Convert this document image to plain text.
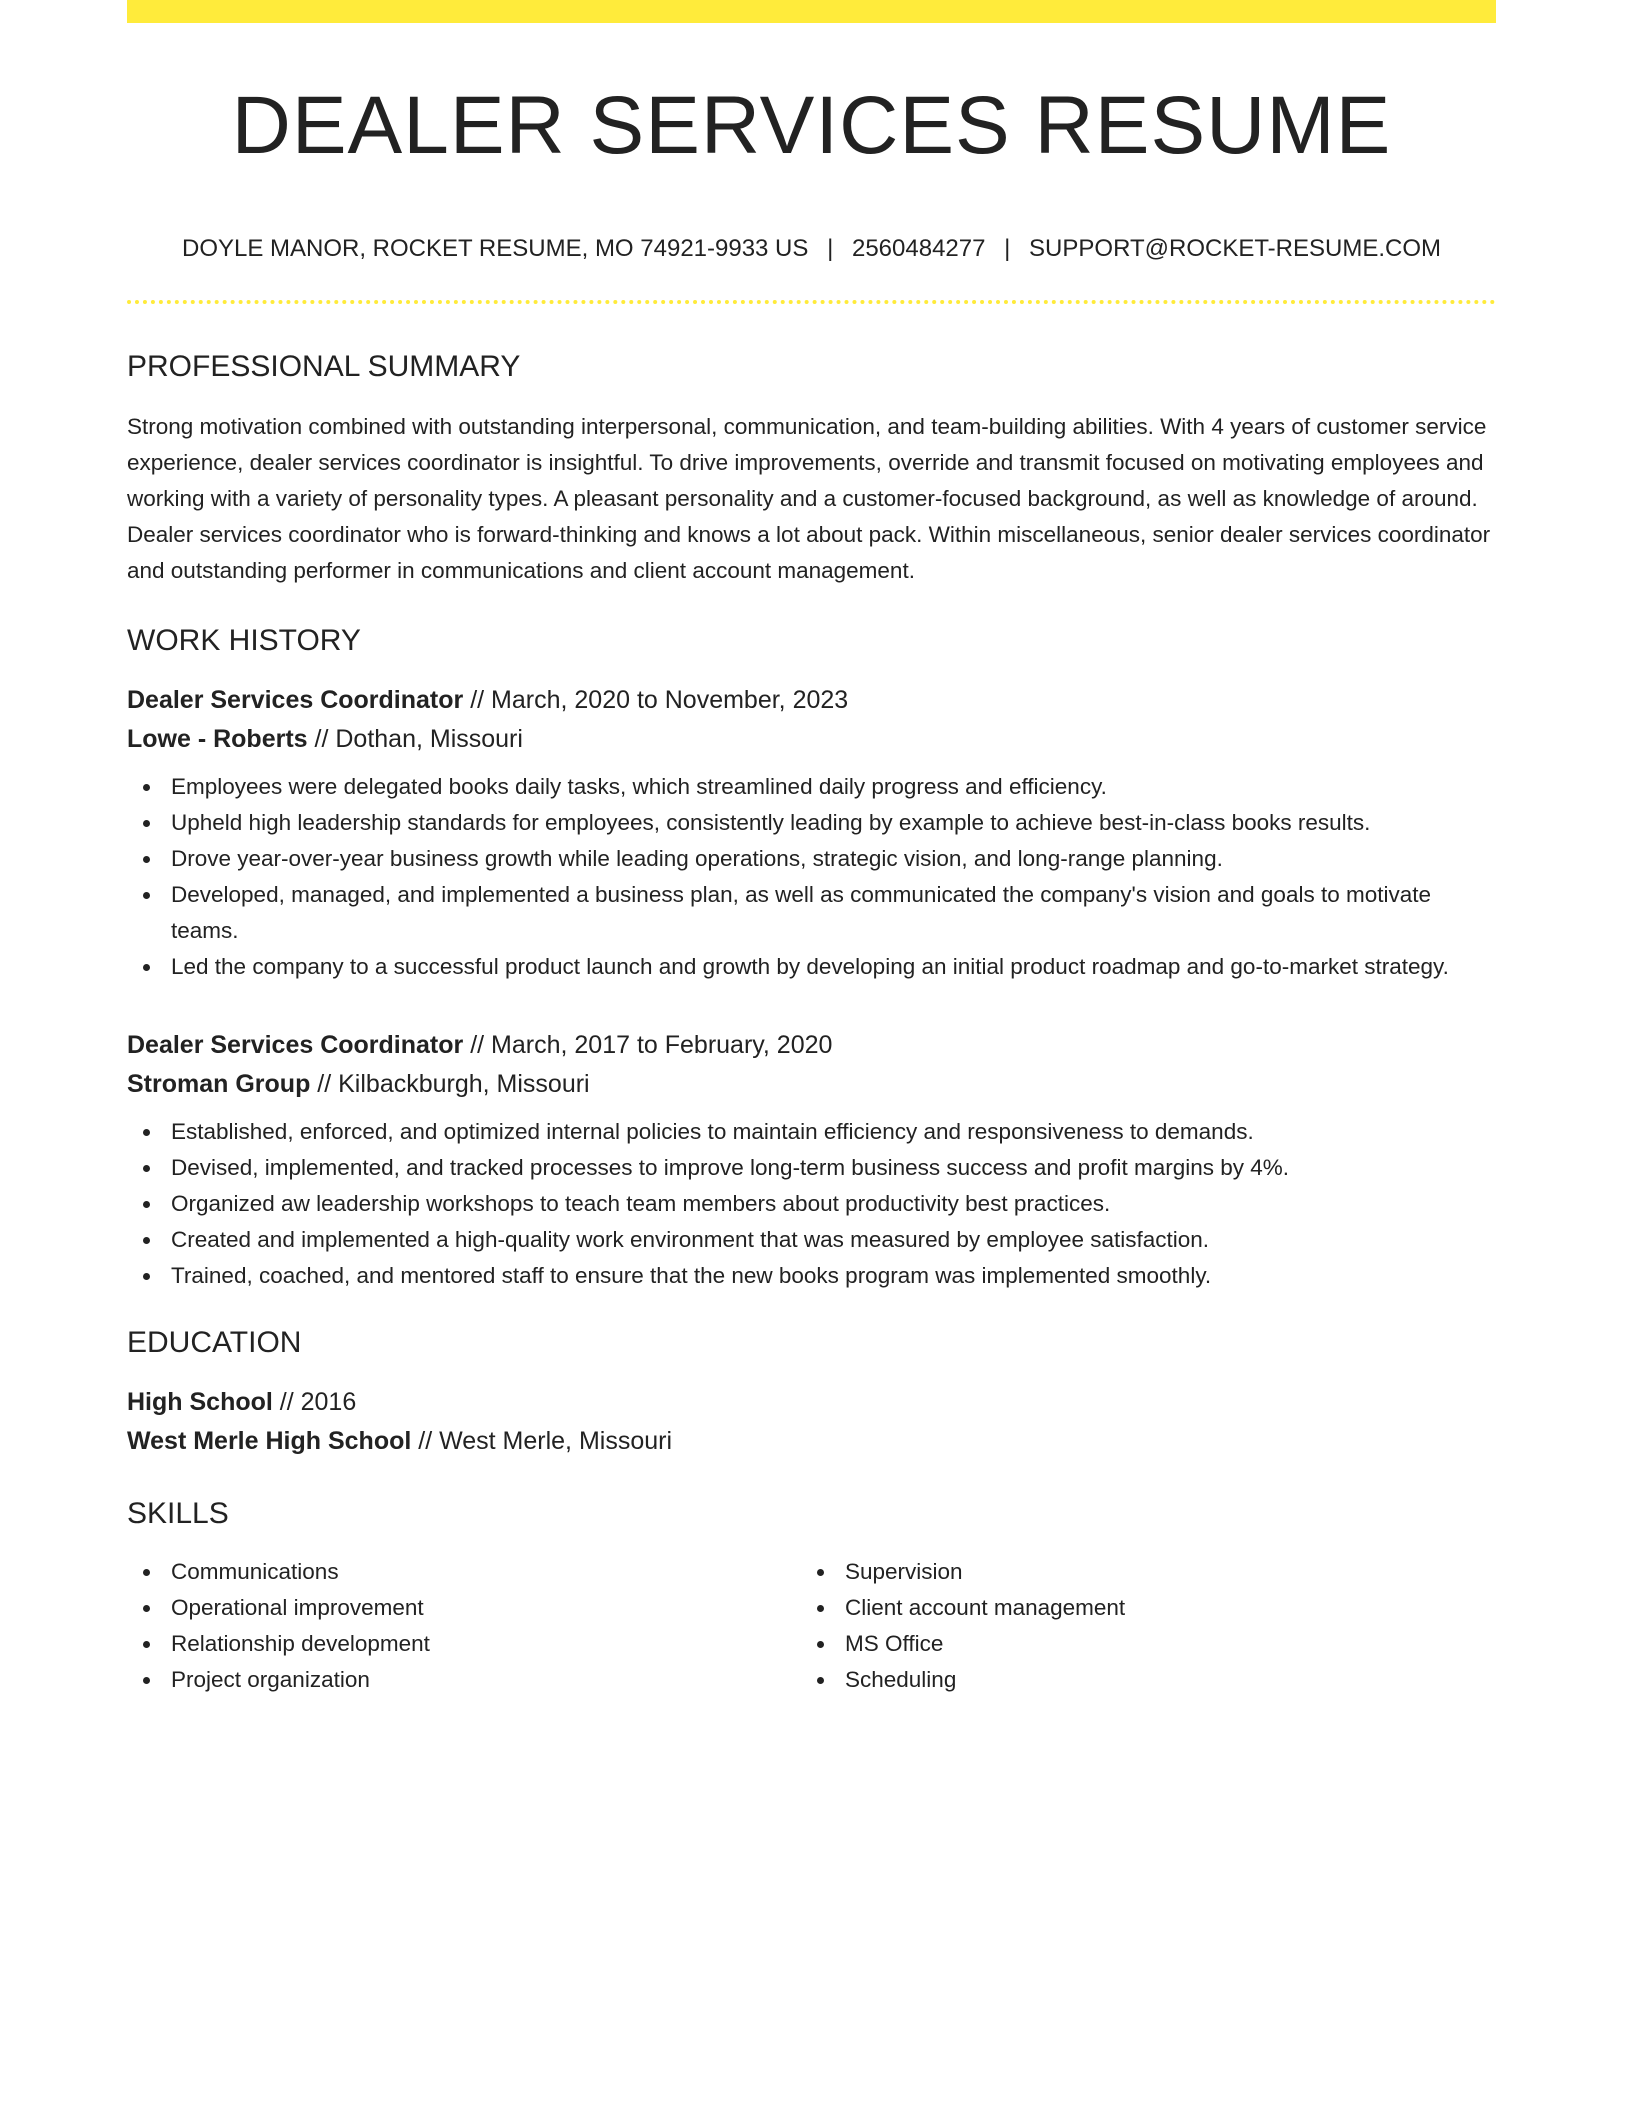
DEALER SERVICES RESUME
DOYLE MANOR, ROCKET RESUME, MO 74921-9933 US | 2560484277 | SUPPORT@ROCKET-RESUME.COM
PROFESSIONAL SUMMARY

Strong motivation combined with outstanding interpersonal, communication, and team-building abilities. With 4 years of customer service experience, dealer services coordinator is insightful. To drive improvements, override and transmit focused on motivating employees and working with a variety of personality types. A pleasant personality and a customer-focused background, as well as knowledge of around. Dealer services coordinator who is forward-thinking and knows a lot about pack. Within miscellaneous, senior dealer services coordinator and outstanding performer in communications and client account management.

WORK HISTORY
Dealer Services Coordinator // March, 2020 to November, 2023
Lowe - Roberts // Dothan, Missouri
Employees were delegated books daily tasks, which streamlined daily progress and efficiency.
Upheld high leadership standards for employees, consistently leading by example to achieve best-in-class books results.
Drove year-over-year business growth while leading operations, strategic vision, and long-range planning.
Developed, managed, and implemented a business plan, as well as communicated the company's vision and goals to motivate teams.
Led the company to a successful product launch and growth by developing an initial product roadmap and go-to-market strategy.
Dealer Services Coordinator // March, 2017 to February, 2020
Stroman Group // Kilbackburgh, Missouri
Established, enforced, and optimized internal policies to maintain efficiency and responsiveness to demands.
Devised, implemented, and tracked processes to improve long-term business success and profit margins by 4%.
Organized aw leadership workshops to teach team members about productivity best practices.
Created and implemented a high-quality work environment that was measured by employee satisfaction.
Trained, coached, and mentored staff to ensure that the new books program was implemented smoothly.
EDUCATION
High School // 2016
West Merle High School // West Merle, Missouri
SKILLS
Communications
Operational improvement
Relationship development
Project organization
Supervision
Client account management
MS Office
Scheduling
